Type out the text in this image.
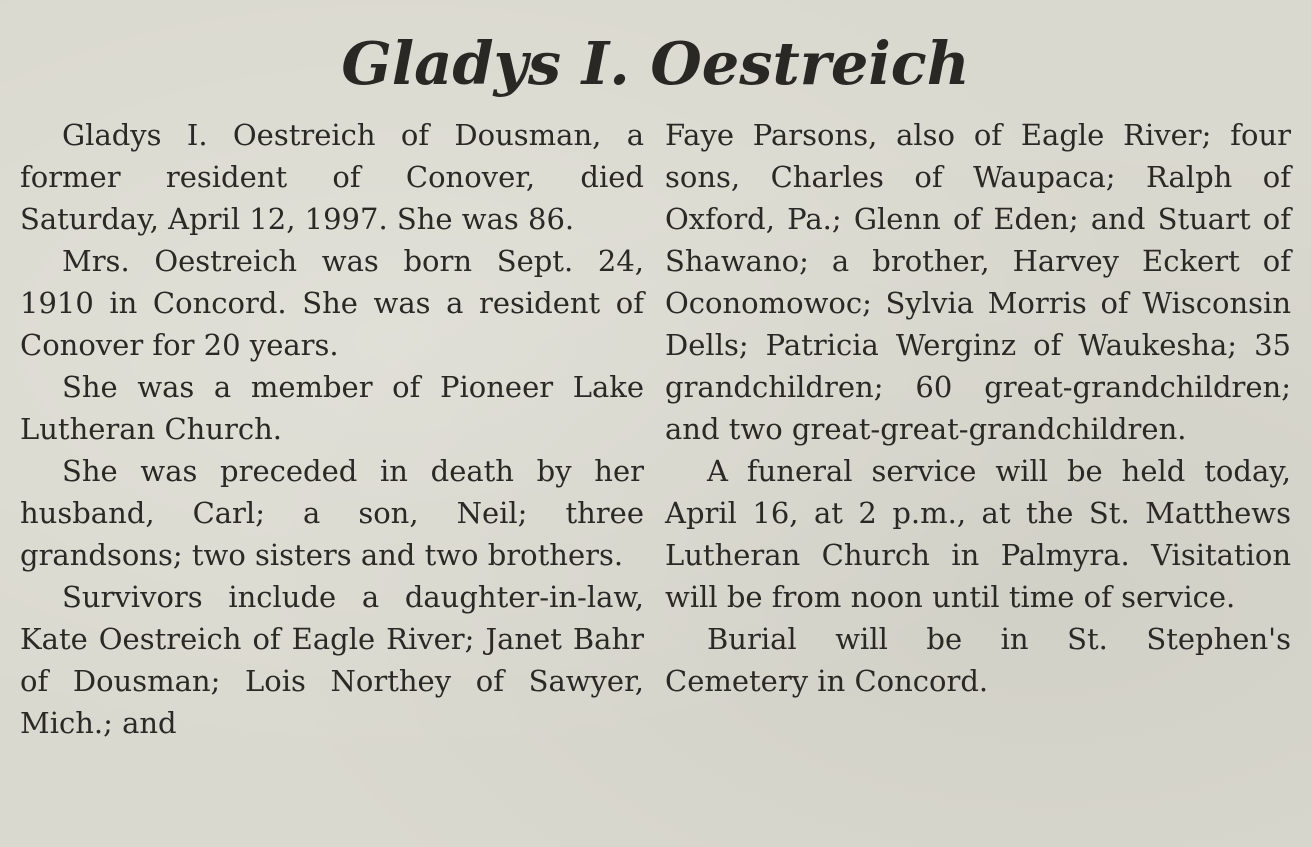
Gladys I. Oestreich

Gladys I. Oestreich of Dousman, a former resident of Conover, died Saturday, April 12, 1997. She was 86.

Mrs. Oestreich was born Sept. 24, 1910 in Concord. She was a resident of Conover for 20 years.

She was a member of Pioneer Lake Lutheran Church.

She was preceded in death by her husband, Carl; a son, Neil; three grandsons; two sisters and two brothers.

Survivors include a daughter-in-law, Kate Oestreich of Eagle River; Janet Bahr of Dousman; Lois Northey of Sawyer, Mich.; and

Faye Parsons, also of Eagle River; four sons, Charles of Waupaca; Ralph of Oxford, Pa.; Glenn of Eden; and Stuart of Shawano; a brother, Harvey Eckert of Oconomowoc; Sylvia Morris of Wisconsin Dells; Patricia Werginz of Waukesha; 35 grandchildren; 60 great-grandchildren; and two great-great-grandchildren.

A funeral service will be held today, April 16, at 2 p.m., at the St. Matthews Lutheran Church in Palmyra. Visitation will be from noon until time of service.

Burial will be in St. Stephen's Cemetery in Concord.
